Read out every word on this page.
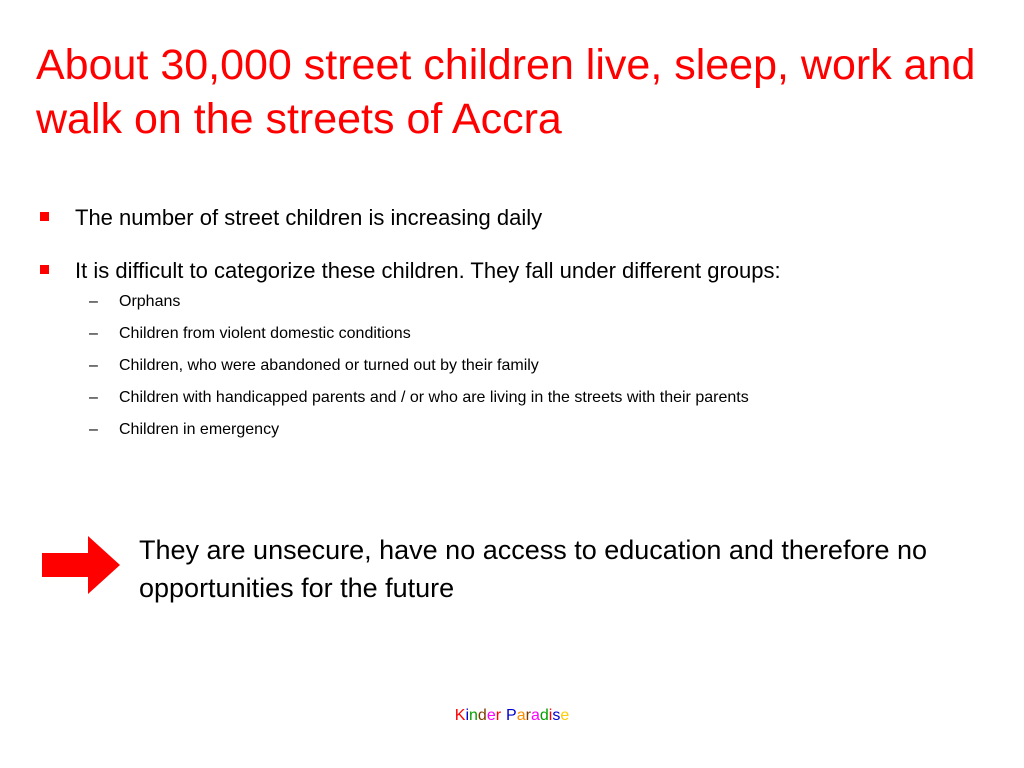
About 30,000 street children live, sleep, work and walk on the streets of Accra
The number of street children is increasing daily
It is difficult to categorize these children. They fall under different groups:
– Orphans
– Children from violent domestic conditions
– Children, who were abandoned or turned out by their family
– Children with handicapped parents and / or who are living in the streets with their parents
– Children in emergency

They are unsecure, have no access to education and therefore no opportunities for the future

Kinder Paradise
